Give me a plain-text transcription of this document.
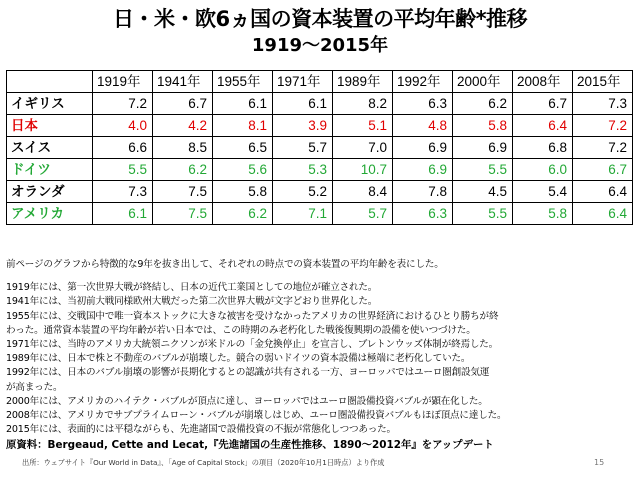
日・米・欧6ヵ国の資本装置の平均年齢*推移
1919～2015年
	1919年	1941年	1955年	1971年	1989年	1992年	2000年	2008年	2015年
イギリス	7.2	6.7	6.1	6.1	8.2	6.3	6.2	6.7	7.3
日本	4.0	4.2	8.1	3.9	5.1	4.8	5.8	6.4	7.2
スイス	6.6	8.5	6.5	5.7	7.0	6.9	6.9	6.8	7.2
ドイツ	5.5	6.2	5.6	5.3	10.7	6.9	5.5	6.0	6.7
オランダ	7.3	7.5	5.8	5.2	8.4	7.8	4.5	5.4	6.4
アメリカ	6.1	7.5	6.2	7.1	5.7	6.3	5.5	5.8	6.4

前ページのグラフから特徴的な9年を抜き出して、それぞれの時点での資本装置の平均年齢を表にした。

1919年には、第一次世界大戦が終結し、日本の近代工業国としての地位が確立された。

1941年には、当初前大戦同様欧州大戦だった第二次世界大戦が文字どおり世界化した。

1955年には、交戦国中で唯一資本ストックに大きな被害を受けなかったアメリカの世界経済におけるひとり勝ちが終

わった。通常資本装置の平均年齢が若い日本では、この時期のみ老朽化した戦後復興期の設備を使いつづけた。

1971年には、当時のアメリカ大統領ニクソンが米ドルの「金兌換停止」を宣言し、ブレトンウッズ体制が終焉した。

1989年には、日本で株と不動産のバブルが崩壊した。競合の弱いドイツの資本設備は極端に老朽化していた。

1992年には、日本のバブル崩壊の影響が長期化するとの認識が共有される一方、ヨーロッパではユーロ圏創設気運

が高まった。

2000年には、アメリカのハイテク・バブルが頂点に達し、ヨーロッパではユーロ圏設備投資バブルが顕在化した。

2008年には、アメリカでサブプライムローン・バブルが崩壊しはじめ、ユーロ圏設備投資バブルもほぼ頂点に達した。

2015年には、表面的には平穏ながらも、先進諸国で設備投資の不振が常態化しつつあった。

原資料：Bergeaud, Cette and Lecat,『先進諸国の生産性推移、1890～2012年』をアップデート
出所：ウェブサイト『Our World in Data』、「Age of Capital Stock」の項目（2020年10月1日時点）より作成	15
